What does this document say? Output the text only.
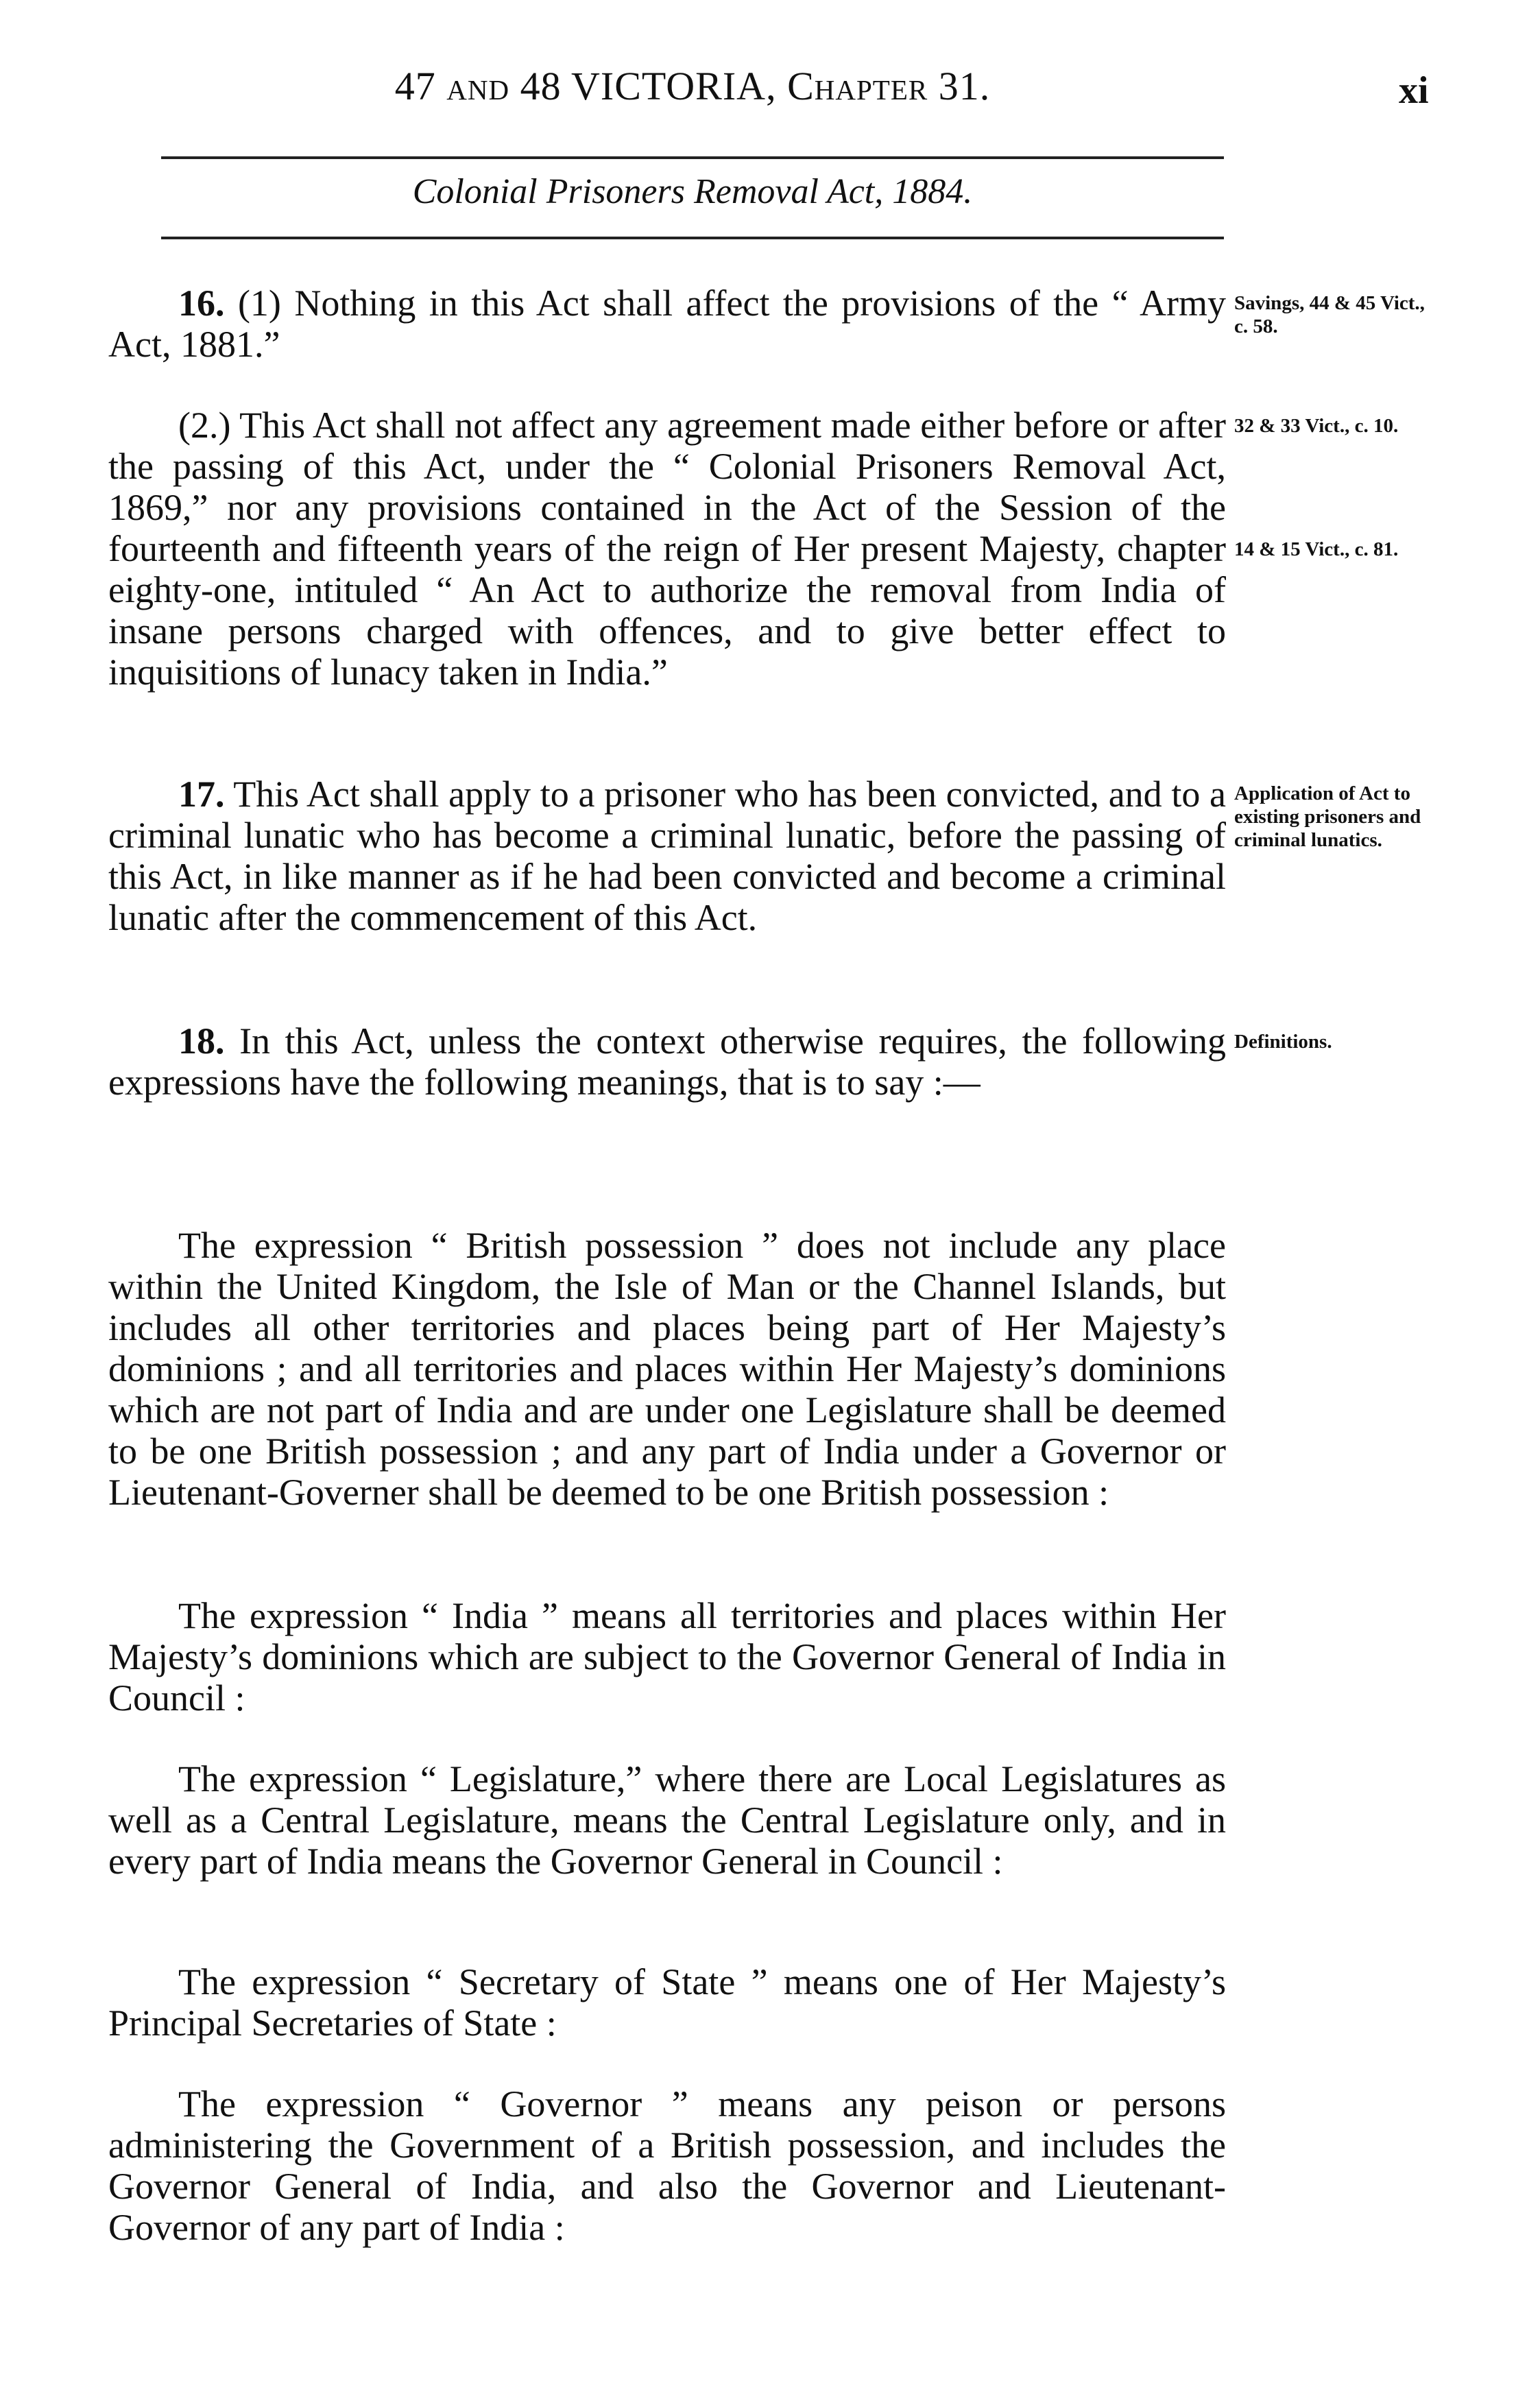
47 and 48 VICTORIA, Chapter 31.	xi
Colonial Prisoners Removal Act, 1884.

16. (1) Nothing in this Act shall affect the provisions of the “ Army Act, 1881.”

(2.) This Act shall not affect any agreement made either before or after the passing of this Act, under the “ Colonial Prisoners Removal Act, 1869,” nor any provisions contained in the Act of the Session of the fourteenth and fifteenth years of the reign of Her present Majesty, chapter eighty-one, intituled “ An Act to authorize the removal from India of insane persons charged with offences, and to give better effect to inquisitions of lunacy taken in India.”

17. This Act shall apply to a prisoner who has been convicted, and to a criminal lunatic who has become a criminal lunatic, before the passing of this Act, in like manner as if he had been convicted and become a criminal lunatic after the commencement of this Act.

18. In this Act, unless the context otherwise requires, the following expressions have the following meanings, that is to say :—

The expression “ British possession ” does not include any place within the United Kingdom, the Isle of Man or the Channel Islands, but includes all other territories and places being part of Her Majesty’s dominions ; and all territories and places within Her Majesty’s dominions which are not part of India and are under one Legislature shall be deemed to be one British possession ; and any part of India under a Governor or Lieutenant-Governer shall be deemed to be one British possession :

The expression “ India ” means all territories and places within Her Majesty’s dominions which are subject to the Governor General of India in Council :

The expression “ Legislature,” where there are Local Legislatures as well as a Central Legislature, means the Central Legislature only, and in every part of India means the Governor General in Council :

The expression “ Secretary of State ” means one of Her Majesty’s Principal Secretaries of State :

The expression “ Governor ” means any peison or persons administering the Government of a British possession, and includes the Governor General of India, and also the Governor and Lieutenant-Governor of any part of India :

Savings, 44 & 45 Vict., c. 58.
32 & 33 Vict., c. 10.
14 & 15 Vict., c. 81.
Application of Act to existing prisoners and criminal lunatics.
Definitions.
